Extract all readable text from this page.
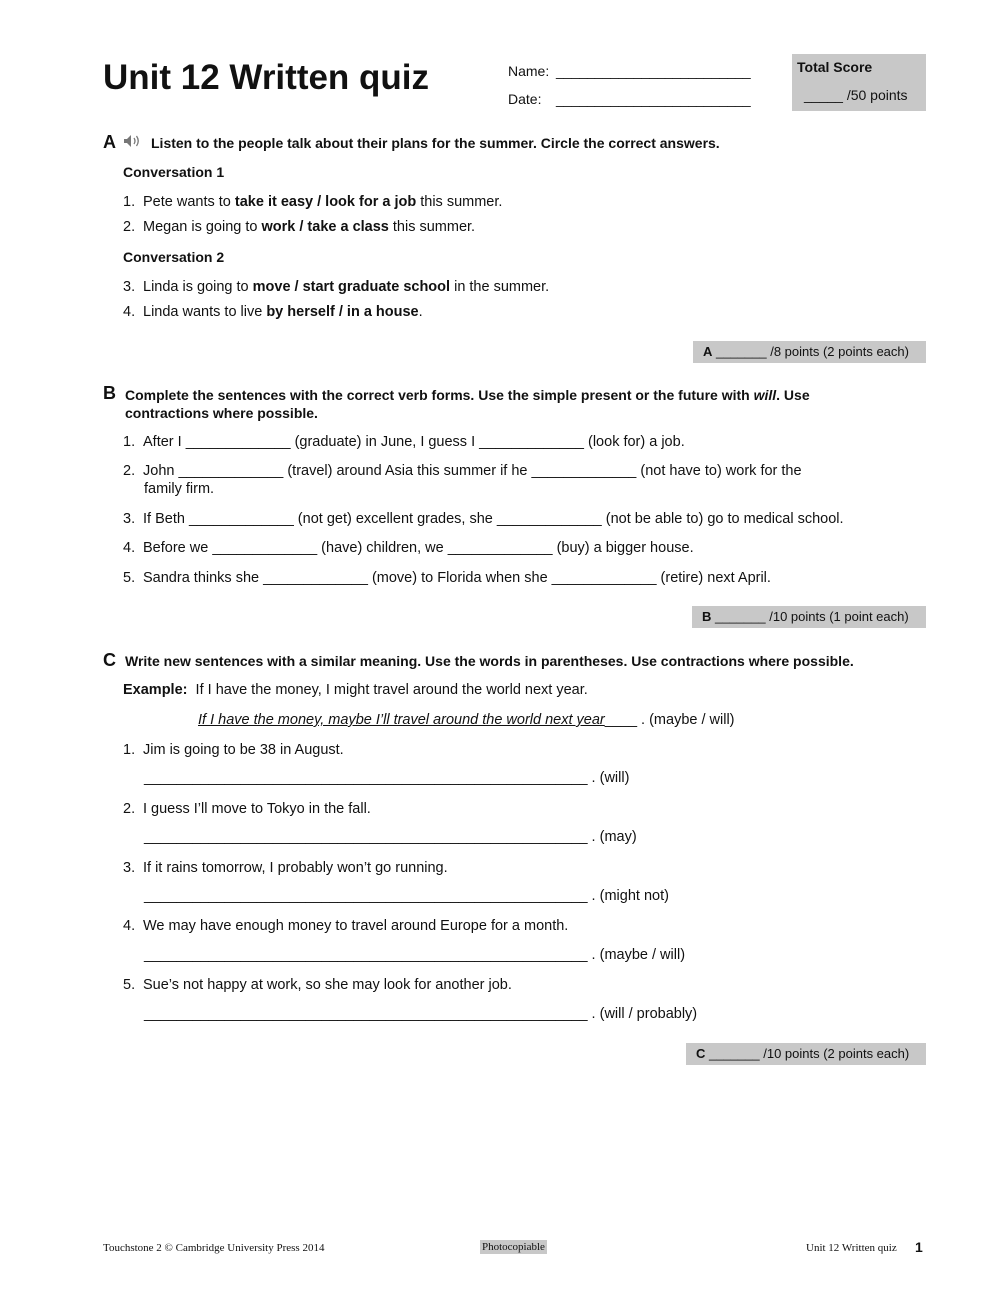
Unit 12 Written quiz	Name: _________________________
Date: _________________________
Total Score
_____ /50 points
A	Listen to the people talk about their plans for the summer. Circle the correct answers.
Conversation 1
1. Pete wants to take it easy / look for a job this summer.
2. Megan is going to work / take a class this summer.
Conversation 2
3. Linda is going to move / start graduate school in the summer.
4. Linda wants to live by herself / in a house.
A _______ /8 points (2 points each)
B Complete the sentences with the correct verb forms. Use the simple present or the future with will. Use contractions where possible.
1. After I _____________ (graduate) in June, I guess I _____________ (look for) a job.
2. John _____________ (travel) around Asia this summer if he _____________ (not have to) work for the
family firm.
3. If Beth _____________ (not get) excellent grades, she _____________ (not be able to) go to medical school.
4. Before we _____________ (have) children, we _____________ (buy) a bigger house.
5. Sandra thinks she _____________ (move) to Florida when she _____________ (retire) next April.
B _______ /10 points (1 point each)
C Write new sentences with a similar meaning. Use the words in parentheses. Use contractions where possible.
Example: If I have the money, I might travel around the world next year.
If I have the money, maybe I’ll travel around the world next year____ . (maybe / will)
1. Jim is going to be 38 in August.
_______________________________________________________ . (will)
2. I guess I’ll move to Tokyo in the fall.
_______________________________________________________ . (may)
3. If it rains tomorrow, I probably won’t go running.
_______________________________________________________ . (might not)
4. We may have enough money to travel around Europe for a month.
_______________________________________________________ . (maybe / will)
5. Sue’s not happy at work, so she may look for another job.
_______________________________________________________ . (will / probably)
C _______ /10 points (2 points each)
Touchstone 2 © Cambridge University Press 2014	Photocopiable	Unit 12 Written quiz 1
